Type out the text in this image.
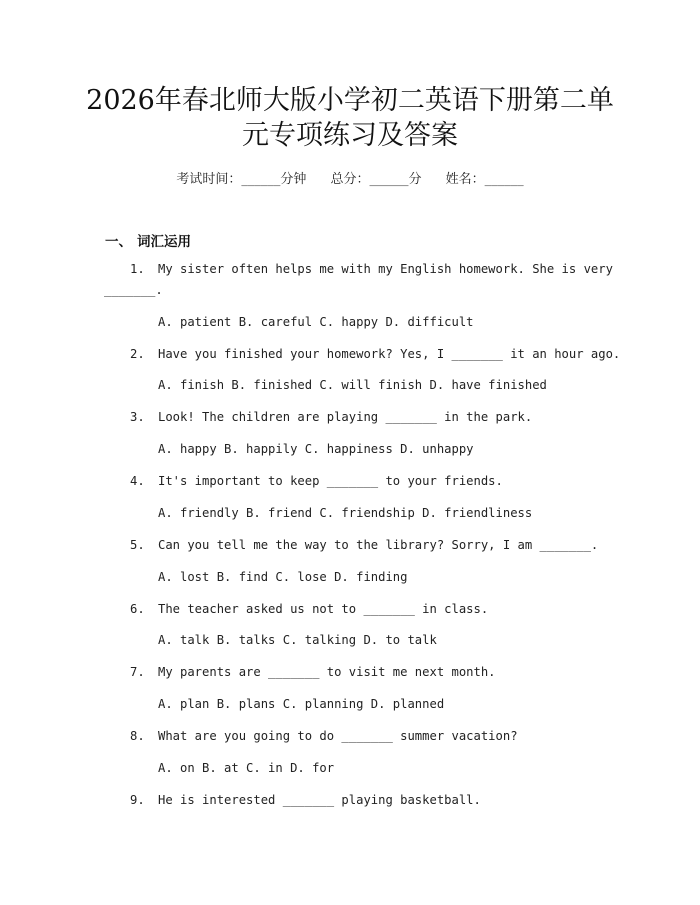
2026年春北师大版小学初二英语下册第二单
元专项练习及答案
考试时间：______分钟 总分：______分 姓名：______
一、 词汇运用
1. My sister often helps me with my English homework. She is very
_______.
A. patient B. careful C. happy D. difficult
2. Have you finished your homework? Yes, I _______ it an hour ago.
A. finish B. finished C. will finish D. have finished
3. Look! The children are playing _______ in the park.
A. happy B. happily C. happiness D. unhappy
4. It's important to keep _______ to your friends.
A. friendly B. friend C. friendship D. friendliness
5. Can you tell me the way to the library? Sorry, I am _______.
A. lost B. find C. lose D. finding
6. The teacher asked us not to _______ in class.
A. talk B. talks C. talking D. to talk
7. My parents are _______ to visit me next month.
A. plan B. plans C. planning D. planned
8. What are you going to do _______ summer vacation?
A. on B. at C. in D. for
9. He is interested _______ playing basketball.
